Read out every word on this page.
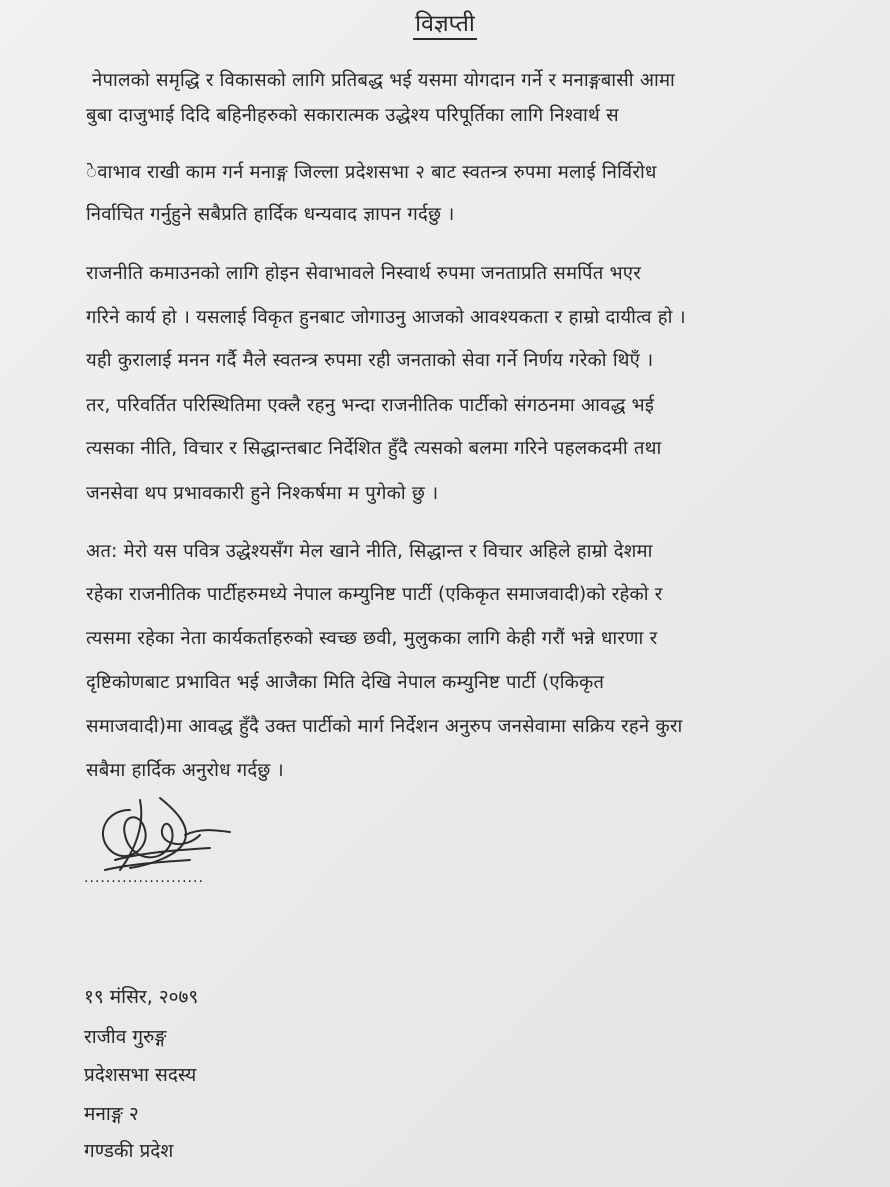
विज्ञप्ती
नेपालको समृद्धि र विकासको लागि प्रतिबद्ध भई यसमा योगदान गर्ने र मनाङ्गबासी आमा
बुबा दाजुभाई दिदि बहिनीहरुको सकारात्मक उद्धेश्य परिपूर्तिका लागि निश्वार्थ स
ेवाभाव राखी काम गर्न मनाङ्ग जिल्ला प्रदेशसभा २ बाट स्वतन्त्र रुपमा मलाई निर्विरोध
निर्वाचित गर्नुहुने सबैप्रति हार्दिक धन्यवाद ज्ञापन गर्दछु ।
राजनीति कमाउनको लागि होइन सेवाभावले निस्वार्थ रुपमा जनताप्रति समर्पित भएर
गरिने कार्य हो । यसलाई विकृत हुनबाट जोगाउनु आजको आवश्यकता र हाम्रो दायीत्व हो ।
यही कुरालाई मनन गर्दै मैले स्वतन्त्र रुपमा रही जनताको सेवा गर्ने निर्णय गरेको थिएँ ।
तर, परिवर्तित परिस्थितिमा एक्लै रहनु भन्दा राजनीतिक पार्टीको संगठनमा आवद्ध भई
त्यसका नीति, विचार र सिद्धान्तबाट निर्देशित हुँदै त्यसको बलमा गरिने पहलकदमी तथा
जनसेवा थप प्रभावकारी हुने निश्कर्षमा म पुगेको छु ।
अत: मेरो यस पवित्र उद्धेश्यसँग मेल खाने नीति, सिद्धान्त र विचार अहिले हाम्रो देशमा
रहेका राजनीतिक पार्टीहरुमध्ये नेपाल कम्युनिष्ट पार्टी (एकिकृत समाजवादी)को रहेको र
त्यसमा रहेका नेता कार्यकर्ताहरुको स्वच्छ छवी, मुलुकका लागि केही गरौं भन्ने धारणा र
दृष्टिकोणबाट प्रभावित भई आजैका मिति देखि नेपाल कम्युनिष्ट पार्टी (एकिकृत
समाजवादी)मा आवद्ध हुँदै उक्त पार्टीको मार्ग निर्देशन अनुरुप जनसेवामा सक्रिय रहने कुरा
सबैमा हार्दिक अनुरोध गर्दछु ।
......................
१९ मंसिर, २०७९
राजीव गुरुङ्ग
प्रदेशसभा सदस्य
मनाङ्ग २
गण्डकी प्रदेश
